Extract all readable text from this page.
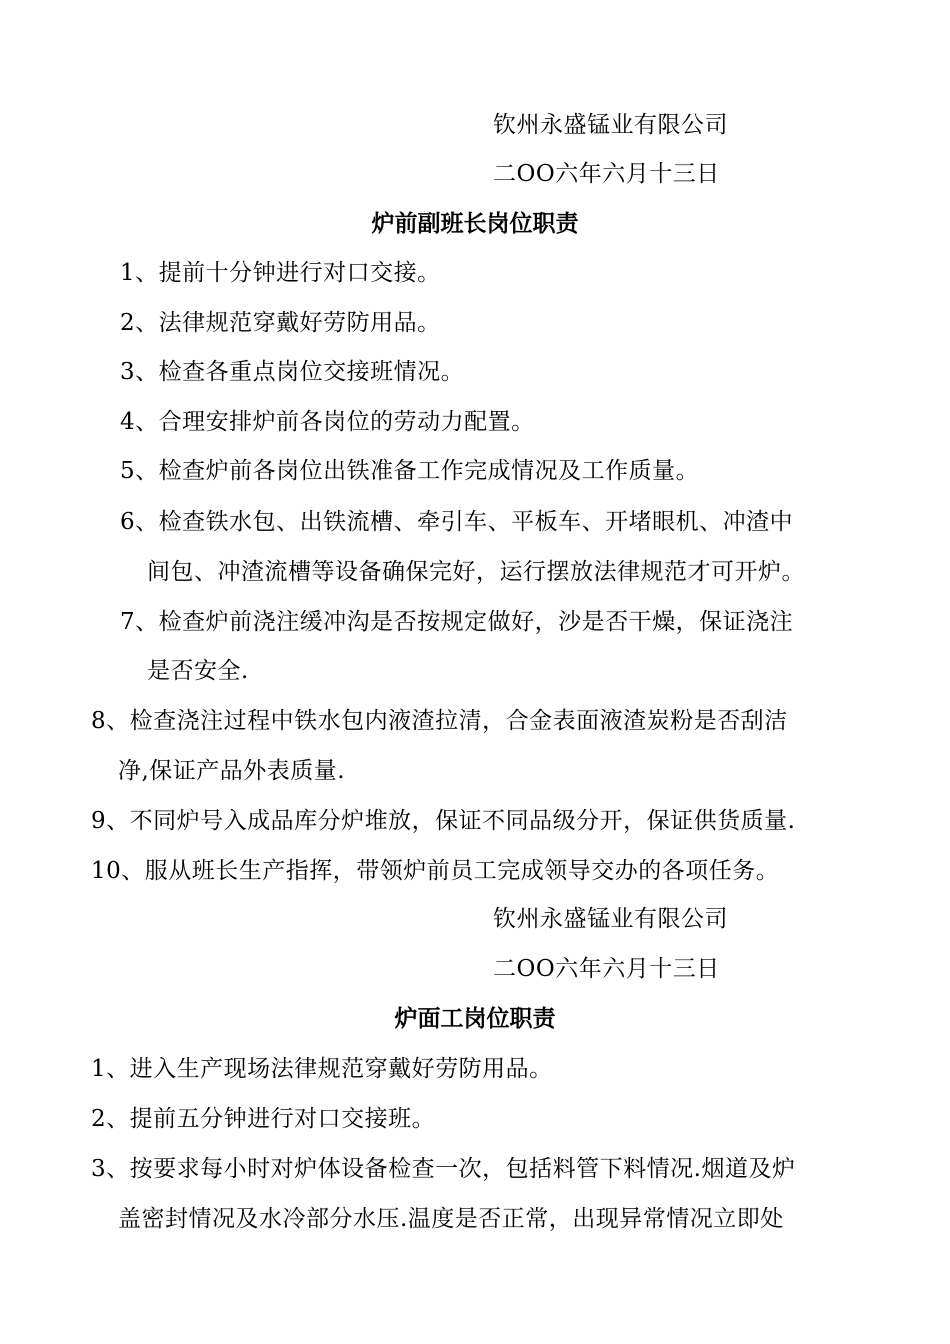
钦州永盛锰业有限公司
二OO六年六月十三日
炉前副班长岗位职责
1、提前十分钟进行对口交接。
2、法律规范穿戴好劳防用品。
3、检查各重点岗位交接班情况。
4、合理安排炉前各岗位的劳动力配置。
5、检查炉前各岗位出铁准备工作完成情况及工作质量。
6、检查铁水包、出铁流槽、牵引车、平板车、开堵眼机、冲渣中
间包、冲渣流槽等设备确保完好，运行摆放法律规范才可开炉。
7、检查炉前浇注缓冲沟是否按规定做好，沙是否干燥，保证浇注
是否安全.
8、检查浇注过程中铁水包内液渣拉清，合金表面液渣炭粉是否刮洁
净,保证产品外表质量.
9、不同炉号入成品库分炉堆放，保证不同品级分开，保证供货质量.
10、服从班长生产指挥，带领炉前员工完成领导交办的各项任务。
钦州永盛锰业有限公司
二OO六年六月十三日
炉面工岗位职责
1、进入生产现场法律规范穿戴好劳防用品。
2、提前五分钟进行对口交接班。
3、按要求每小时对炉体设备检查一次，包括料管下料情况.烟道及炉
盖密封情况及水冷部分水压.温度是否正常，出现异常情况立即处
